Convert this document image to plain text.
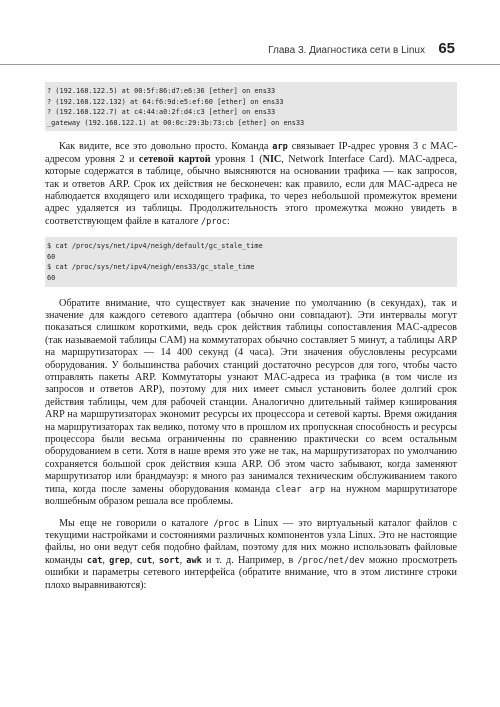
Глава 3. Диагностика сети в Linux 65
? (192.168.122.5) at 00:5f:86:d7:e6:36 [ether] on ens33
? (192.168.122.132) at 64:f6:9d:e5:ef:60 [ether] on ens33
? (192.168.122.7) at c4:44:a0:2f:d4:c3 [ether] on ens33
_gateway (192.168.122.1) at 00:0c:29:3b:73:cb [ether] on ens33

Как видите, все это довольно просто. Команда arp связывает IP-адрес уровня 3 с MAC-адресом уровня 2 и сетевой картой уровня 1 (NIC, Network Interface Card). MAC-адреса, которые содержатся в таблице, обычно выясняются на основании трафика — как запросов, так и ответов ARP. Срок их действия не бесконечен: как правило, если для MAC-адреса не наблюдается входящего или исходящего трафика, то через небольшой промежуток времени адрес удаляется из таблицы. Продолжительность этого промежутка можно увидеть в соответствующем файле в каталоге /proc:

$ cat /proc/sys/net/ipv4/neigh/default/gc_stale_time
60
$ cat /proc/sys/net/ipv4/neigh/ens33/gc_stale_time
60

Обратите внимание, что существует как значение по умолчанию (в секундах), так и значение для каждого сетевого адаптера (обычно они совпадают). Эти интервалы могут показаться слишком короткими, ведь срок действия таблицы сопоставления MAC-адресов (так называемой таблицы CAM) на коммутаторах обычно составляет 5 минут, а таблицы ARP на маршрутизаторах — 14 400 секунд (4 часа). Эти значения обусловлены ресурсами оборудования. У большинства рабочих станций достаточно ресурсов для того, чтобы часто отправлять пакеты ARP. Коммутаторы узнают MAC-адреса из трафика (в том числе из запросов и ответов ARP), поэтому для них имеет смысл установить более долгий срок действия таблицы, чем для рабочей станции. Аналогично длительный таймер кэширования ARP на маршрутизаторах экономит ресурсы их процессора и сетевой карты. Время ожидания на маршрутизаторах так велико, потому что в прошлом их пропускная способность и ресурсы процессора были весьма ограниченны по сравнению практически со всем остальным оборудованием в сети. Хотя в наше время это уже не так, на маршрутизаторах по умолчанию сохраняется большой срок действия кэша ARP. Об этом часто забывают, когда заменяют маршрутизатор или брандмауэр: я много раз занимался техническим обслуживанием такого типа, когда после замены оборудования команда clear arp на нужном маршрутизаторе волшебным образом решала все проблемы.

Мы еще не говорили о каталоге /proc в Linux — это виртуальный каталог файлов с текущими настройками и состояниями различных компонентов узла Linux. Это не настоящие файлы, но они ведут себя подобно файлам, поэтому для них можно использовать файловые команды cat, grep, cut, sort, awk и т. д. Например, в /proc/net/dev можно просмотреть ошибки и параметры сетевого интерфейса (обратите внимание, что в этом листинге строки плохо выравниваются):
